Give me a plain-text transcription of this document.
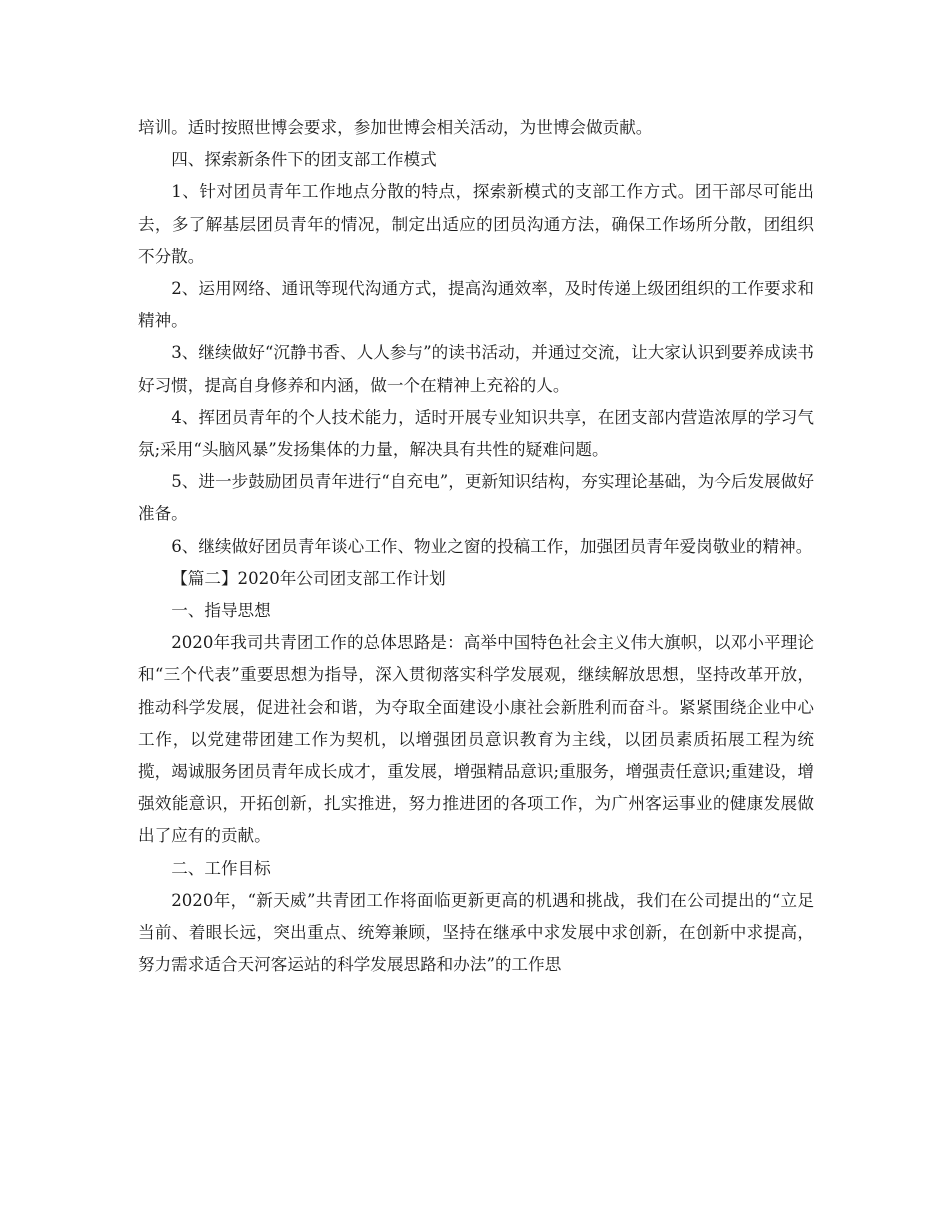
培训。适时按照世博会要求，参加世博会相关活动，为世博会做贡献。

四、探索新条件下的团支部工作模式

1、针对团员青年工作地点分散的特点，探索新模式的支部工作方式。团干部尽可能出去，多了解基层团员青年的情况，制定出适应的团员沟通方法，确保工作场所分散，团组织不分散。

2、运用网络、通讯等现代沟通方式，提高沟通效率，及时传递上级团组织的工作要求和精神。

3、继续做好“沉静书香、人人参与”的读书活动，并通过交流，让大家认识到要养成读书好习惯，提高自身修养和内涵，做一个在精神上充裕的人。

4、挥团员青年的个人技术能力，适时开展专业知识共享，在团支部内营造浓厚的学习气氛;采用“头脑风暴”发扬集体的力量，解决具有共性的疑难问题。

5、进一步鼓励团员青年进行“自充电”，更新知识结构，夯实理论基础，为今后发展做好准备。

6、继续做好团员青年谈心工作、物业之窗的投稿工作，加强团员青年爱岗敬业的精神。

【篇二】2020年公司团支部工作计划

一、指导思想

2020年我司共青团工作的总体思路是：高举中国特色社会主义伟大旗帜，以邓小平理论和“三个代表”重要思想为指导，深入贯彻落实科学发展观，继续解放思想，坚持改革开放，推动科学发展，促进社会和谐，为夺取全面建设小康社会新胜利而奋斗。紧紧围绕企业中心工作，以党建带团建工作为契机，以增强团员意识教育为主线，以团员素质拓展工程为统揽，竭诚服务团员青年成长成才，重发展，增强精品意识;重服务，增强责任意识;重建设，增强效能意识，开拓创新，扎实推进，努力推进团的各项工作，为广州客运事业的健康发展做出了应有的贡献。

二、工作目标

2020年，“新天威”共青团工作将面临更新更高的机遇和挑战，我们在公司提出的“立足当前、着眼长远，突出重点、统筹兼顾，坚持在继承中求发展中求创新，在创新中求提高，努力需求适合天河客运站的科学发展思路和办法”的工作思
